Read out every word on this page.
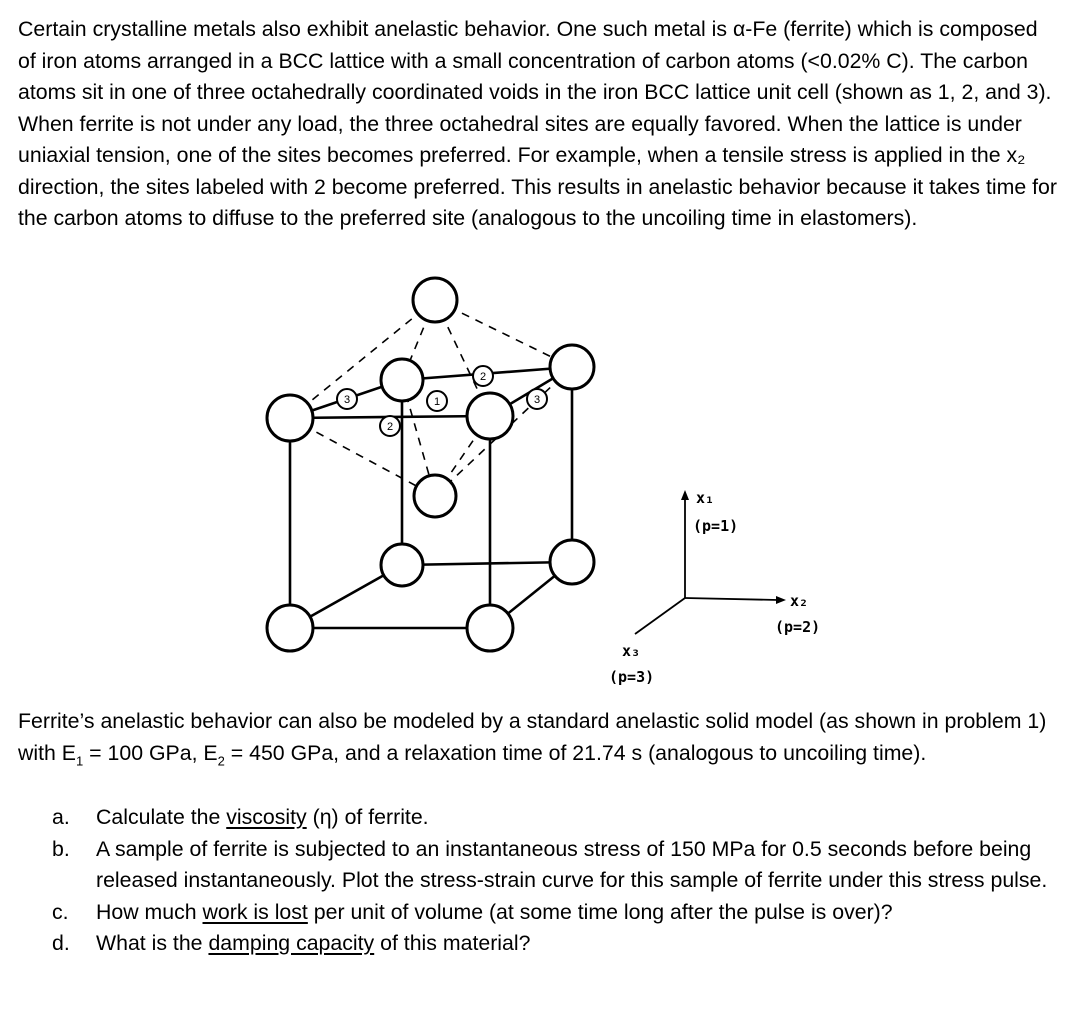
Certain crystalline metals also exhibit anelastic behavior. One such metal is α-Fe (ferrite) which is composed of iron atoms arranged in a BCC lattice with a small concentration of carbon atoms (<0.02% C). The carbon atoms sit in one of three octahedrally coordinated voids in the iron BCC lattice unit cell (shown as 1, 2, and 3). When ferrite is not under any load, the three octahedral sites are equally favored. When the lattice is under uniaxial tension, one of the sites becomes preferred. For example, when a tensile stress is applied in the x₂ direction, the sites labeled with 2 become preferred. This results in anelastic behavior because it takes time for the carbon atoms to diffuse to the preferred site (analogous to the uncoiling time in elastomers).
3
2
1
2
3
x₁
(p=1)
x₂
(p=2)
x₃
(p=3)
Ferrite’s anelastic behavior can also be modeled by a standard anelastic solid model (as shown in problem 1) with $E_1 = 100$ GPa, $E_2 = 450$ GPa, and a relaxation time of 21.74 s (analogous to uncoiling time).
a.	Calculate the viscosity (η) of ferrite.
b.	A sample of ferrite is subjected to an instantaneous stress of 150 MPa for 0.5 seconds before being released instantaneously. Plot the stress-strain curve for this sample of ferrite under this stress pulse.
c.	How much work is lost per unit of volume (at some time long after the pulse is over)?
d.	What is the damping capacity of this material?
